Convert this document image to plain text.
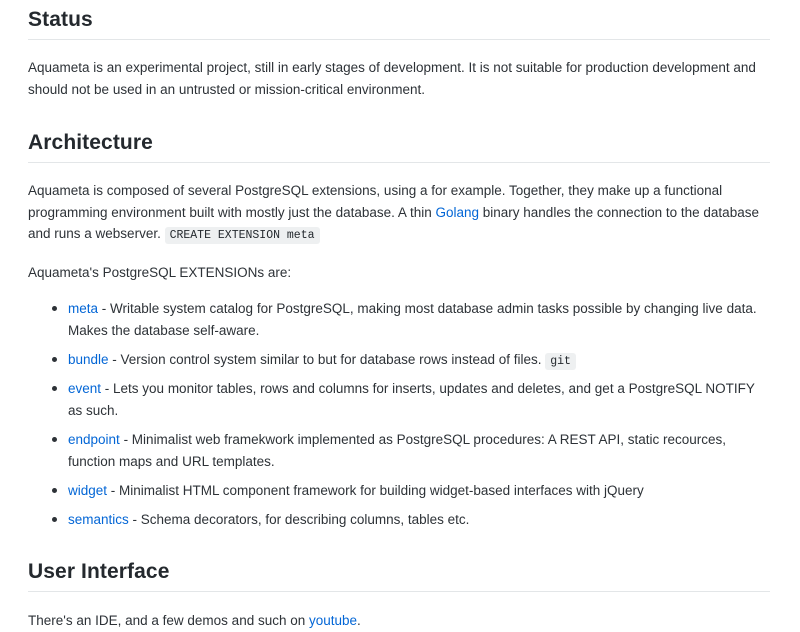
Status

Aquameta is an experimental project, still in early stages of development. It is not suitable for production development and should not be used in an untrusted or mission-critical environment.

Architecture

Aquameta is composed of several PostgreSQL extensions, using a for example. Together, they make up a functional programming environment built with mostly just the database. A thin Golang binary handles the connection to the database and runs a webserver. CREATE EXTENSION meta

Aquameta's PostgreSQL EXTENSIONs are:

meta - Writable system catalog for PostgreSQL, making most database admin tasks possible by changing live data. Makes the database self-aware.
bundle - Version control system similar to but for database rows instead of files. git
event - Lets you monitor tables, rows and columns for inserts, updates and deletes, and get a PostgreSQL NOTIFY as such.
endpoint - Minimalist web framekwork implemented as PostgreSQL procedures: A REST API, static recources, function maps and URL templates.
widget - Minimalist HTML component framework for building widget-based interfaces with jQuery
semantics - Schema decorators, for describing columns, tables etc.
User Interface

There's an IDE, and a few demos and such on youtube.
